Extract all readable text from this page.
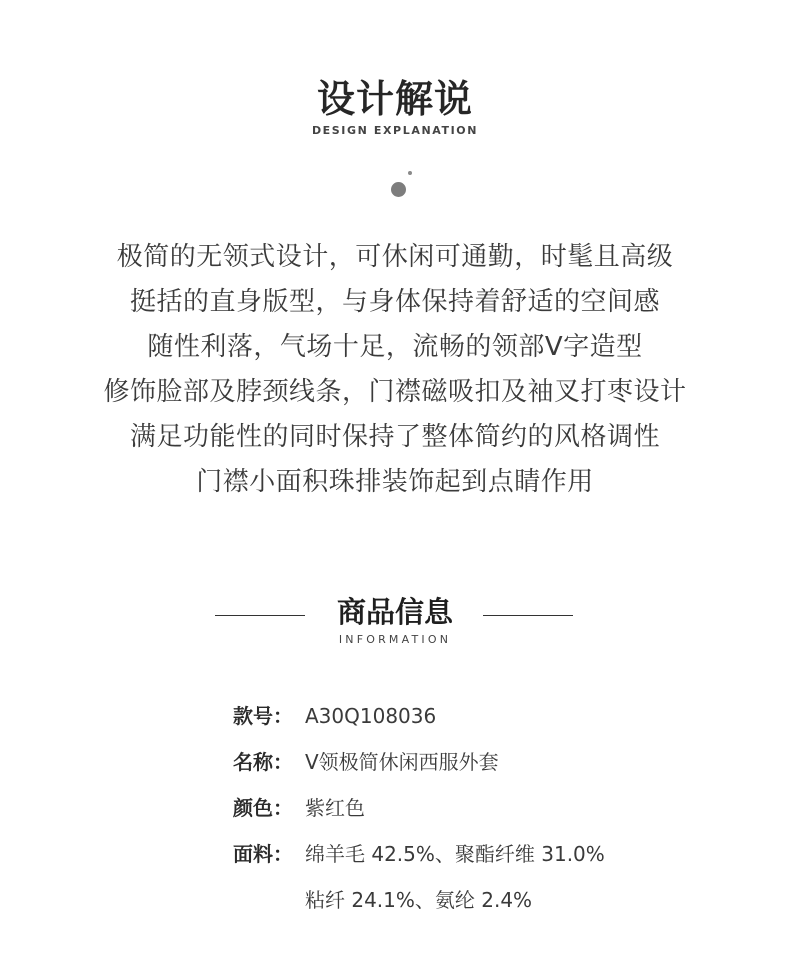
设计解说
DESIGN EXPLANATION
极简的无领式设计，可休闲可通勤，时髦且高级
挺括的直身版型，与身体保持着舒适的空间感
随性利落，气场十足，流畅的领部V字造型
修饰脸部及脖颈线条，门襟磁吸扣及袖叉打枣设计
满足功能性的同时保持了整体简约的风格调性
门襟小面积珠排装饰起到点睛作用
商品信息
INFORMATION
款号： A30Q108036
名称： V领极简休闲西服外套
颜色： 紫红色
面料： 绵羊毛 42.5%、聚酯纤维 31.0%
粘纤 24.1%、氨纶 2.4%
